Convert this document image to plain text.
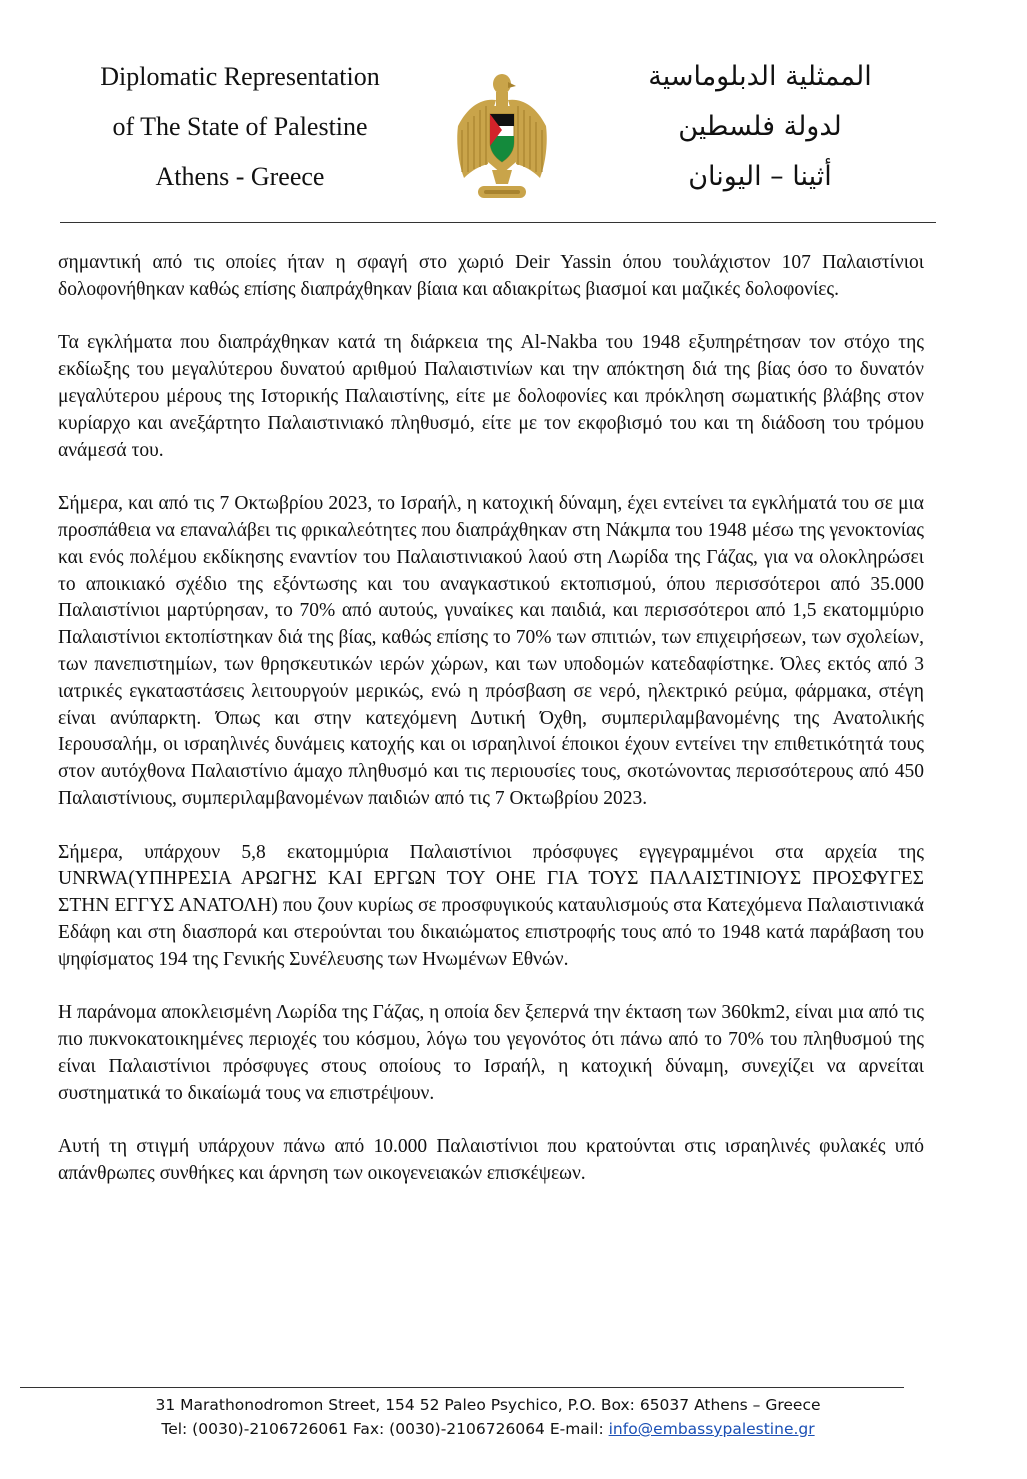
Diplomatic Representation
of The State of Palestine
Athens - Greece
الممثلية الدبلوماسية
لدولة فلسطين
أثينا – اليونان

σημαντική από τις οποίες ήταν η σφαγή στο χωριό Deir Yassin όπου τουλάχιστον 107 Παλαιστίνιοι δολοφονήθηκαν καθώς επίσης διαπράχθηκαν βίαια και αδιακρίτως βιασμοί και μαζικές δολοφονίες.

Τα εγκλήματα που διαπράχθηκαν κατά τη διάρκεια της Al-Nakba του 1948 εξυπηρέτησαν τον στόχο της εκδίωξης του μεγαλύτερου δυνατού αριθμού Παλαιστινίων και την απόκτηση διά της βίας όσο το δυνατόν μεγαλύτερου μέρους της Ιστορικής Παλαιστίνης, είτε με δολοφονίες και πρόκληση σωματικής βλάβης στον κυρίαρχο και ανεξάρτητο Παλαιστινιακό πληθυσμό, είτε με τον εκφοβισμό του και τη διάδοση του τρόμου ανάμεσά του.

Σήμερα, και από τις 7 Οκτωβρίου 2023, το Ισραήλ, η κατοχική δύναμη, έχει εντείνει τα εγκλήματά του σε μια προσπάθεια να επαναλάβει τις φρικαλεότητες που διαπράχθηκαν στη Νάκμπα του 1948 μέσω της γενοκτονίας και ενός πολέμου εκδίκησης εναντίον του Παλαιστινιακού λαού στη Λωρίδα της Γάζας, για να ολοκληρώσει το αποικιακό σχέδιο της εξόντωσης και του αναγκαστικού εκτοπισμού, όπου περισσότεροι από 35.000 Παλαιστίνιοι μαρτύρησαν, το 70% από αυτούς, γυναίκες και παιδιά, και περισσότεροι από 1,5 εκατομμύριο Παλαιστίνιοι εκτοπίστηκαν διά της βίας, καθώς επίσης το 70% των σπιτιών, των επιχειρήσεων, των σχολείων, των πανεπιστημίων, των θρησκευτικών ιερών χώρων, και των υποδομών κατεδαφίστηκε. Όλες εκτός από 3 ιατρικές εγκαταστάσεις λειτουργούν μερικώς, ενώ η πρόσβαση σε νερό, ηλεκτρικό ρεύμα, φάρμακα, στέγη είναι ανύπαρκτη. Όπως και στην κατεχόμενη Δυτική Όχθη, συμπεριλαμβανομένης της Ανατολικής Ιερουσαλήμ, οι ισραηλινές δυνάμεις κατοχής και οι ισραηλινοί έποικοι έχουν εντείνει την επιθετικότητά τους στον αυτόχθονα Παλαιστίνιο άμαχο πληθυσμό και τις περιουσίες τους, σκοτώνοντας περισσότερους από 450 Παλαιστίνιους, συμπεριλαμβανομένων παιδιών από τις 7 Οκτωβρίου 2023.

Σήμερα, υπάρχουν 5,8 εκατομμύρια Παλαιστίνιοι πρόσφυγες εγγεγραμμένοι στα αρχεία της UNRWA(ΥΠΗΡΕΣΙΑ ΑΡΩΓΗΣ ΚΑΙ ΕΡΓΩΝ ΤΟΥ ΟΗΕ ΓΙΑ ΤΟΥΣ ΠΑΛΑΙΣΤΙΝΙΟΥΣ ΠΡΟΣΦΥΓΕΣ ΣΤΗΝ ΕΓΓΥΣ ΑΝΑΤΟΛΗ) που ζουν κυρίως σε προσφυγικούς καταυλισμούς στα Κατεχόμενα Παλαιστινιακά Εδάφη και στη διασπορά και στερούνται του δικαιώματος επιστροφής τους από το 1948 κατά παράβαση του ψηφίσματος 194 της Γενικής Συνέλευσης των Ηνωμένων Εθνών.

Η παράνομα αποκλεισμένη Λωρίδα της Γάζας, η οποία δεν ξεπερνά την έκταση των 360km2, είναι μια από τις πιο πυκνοκατοικημένες περιοχές του κόσμου, λόγω του γεγονότος ότι πάνω από το 70% του πληθυσμού της είναι Παλαιστίνιοι πρόσφυγες στους οποίους το Ισραήλ, η κατοχική δύναμη, συνεχίζει να αρνείται συστηματικά το δικαίωμά τους να επιστρέψουν.

Αυτή τη στιγμή υπάρχουν πάνω από 10.000 Παλαιστίνιοι που κρατούνται στις ισραηλινές φυλακές υπό απάνθρωπες συνθήκες και άρνηση των οικογενειακών επισκέψεων.

31 Marathonodromon Street, 154 52 Paleo Psychico, P.O. Box: 65037 Athens – Greece
Tel: (0030)-2106726061 Fax: (0030)-2106726064 E-mail: info@embassypalestine.gr
